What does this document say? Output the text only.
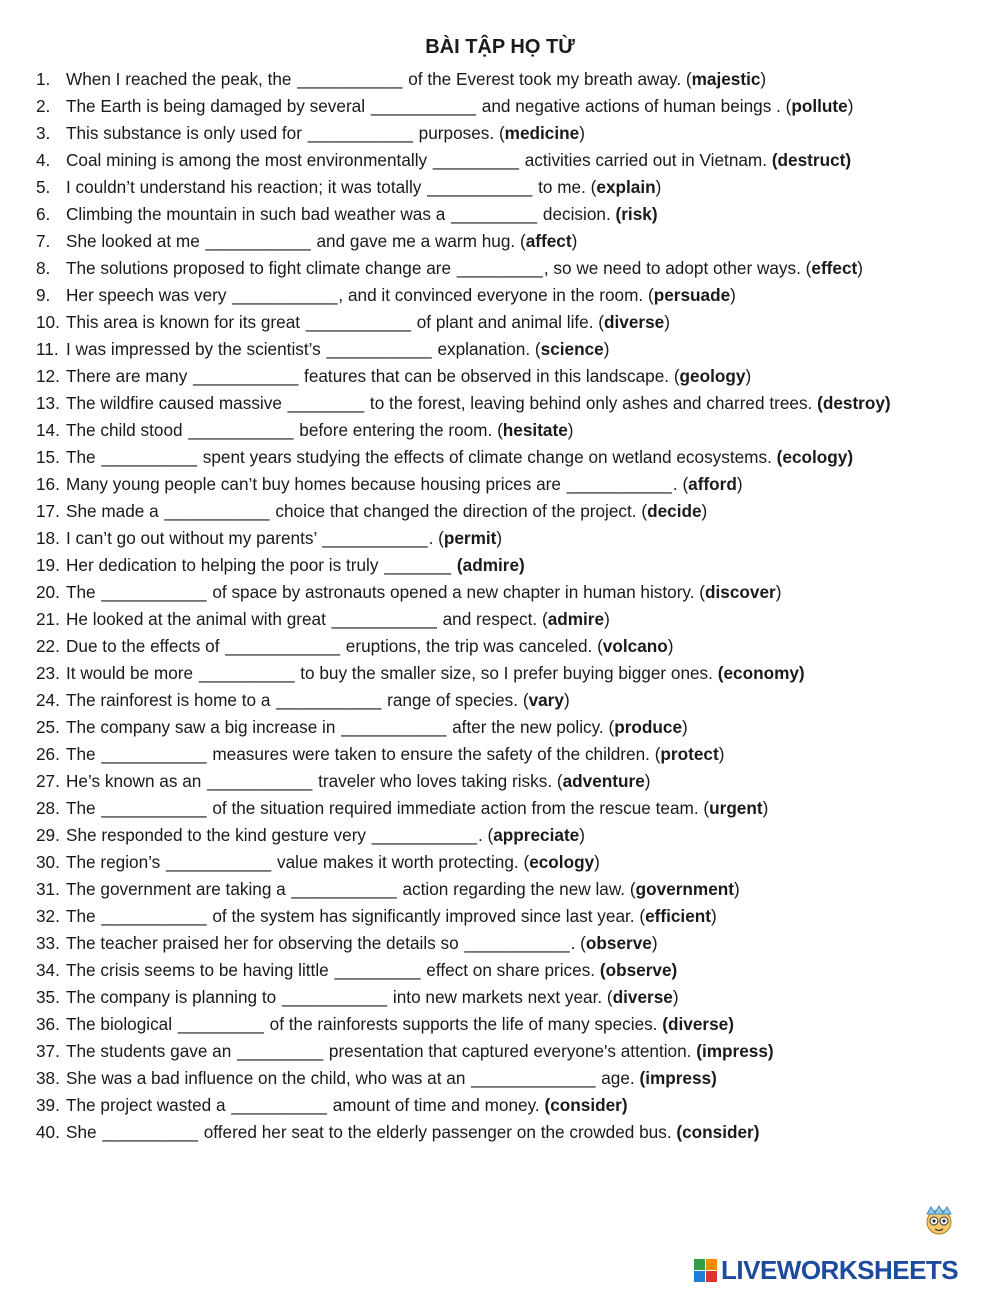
BÀI TẬP HỌ TỪ
1. When I reached the peak, the ___________ of the Everest took my breath away. (majestic)
2. The Earth is being damaged by several ___________ and negative actions of human beings . (pollute)
3. This substance is only used for ___________ purposes. (medicine)
4. Coal mining is among the most environmentally _________ activities carried out in Vietnam. (destruct)
5. I couldn’t understand his reaction; it was totally ___________ to me. (explain)
6. Climbing the mountain in such bad weather was a _________ decision. (risk)
7. She looked at me ___________ and gave me a warm hug. (affect)
8. The solutions proposed to fight climate change are _________, so we need to adopt other ways. (effect)
9. Her speech was very ___________, and it convinced everyone in the room. (persuade)
10. This area is known for its great ___________ of plant and animal life. (diverse)
11. I was impressed by the scientist’s ___________ explanation. (science)
12. There are many ___________ features that can be observed in this landscape. (geology)
13. The wildfire caused massive ________ to the forest, leaving behind only ashes and charred trees. (destroy)
14. The child stood ___________ before entering the room. (hesitate)
15. The __________ spent years studying the effects of climate change on wetland ecosystems. (ecology)
16. Many young people can’t buy homes because housing prices are ___________. (afford)
17. She made a ___________ choice that changed the direction of the project. (decide)
18. I can’t go out without my parents’ ___________. (permit)
19. Her dedication to helping the poor is truly _______ (admire)
20. The ___________ of space by astronauts opened a new chapter in human history. (discover)
21. He looked at the animal with great ___________ and respect. (admire)
22. Due to the effects of ____________ eruptions, the trip was canceled. (volcano)
23. It would be more __________ to buy the smaller size, so I prefer buying bigger ones. (economy)
24. The rainforest is home to a ___________ range of species. (vary)
25. The company saw a big increase in ___________ after the new policy. (produce)
26. The ___________ measures were taken to ensure the safety of the children. (protect)
27. He’s known as an ___________ traveler who loves taking risks. (adventure)
28. The ___________ of the situation required immediate action from the rescue team. (urgent)
29. She responded to the kind gesture very ___________. (appreciate)
30. The region’s ___________ value makes it worth protecting. (ecology)
31. The government are taking a ___________ action regarding the new law. (government)
32. The ___________ of the system has significantly improved since last year. (efficient)
33. The teacher praised her for observing the details so ___________. (observe)
34. The crisis seems to be having little _________ effect on share prices. (observe)
35. The company is planning to ___________ into new markets next year. (diverse)
36. The biological _________ of the rainforests supports the life of many species. (diverse)
37. The students gave an _________ presentation that captured everyone's attention. (impress)
38. She was a bad influence on the child, who was at an _____________ age. (impress)
39. The project wasted a __________ amount of time and money. (consider)
40. She __________ offered her seat to the elderly passenger on the crowded bus. (consider)
LIVEWORKSHEETS
